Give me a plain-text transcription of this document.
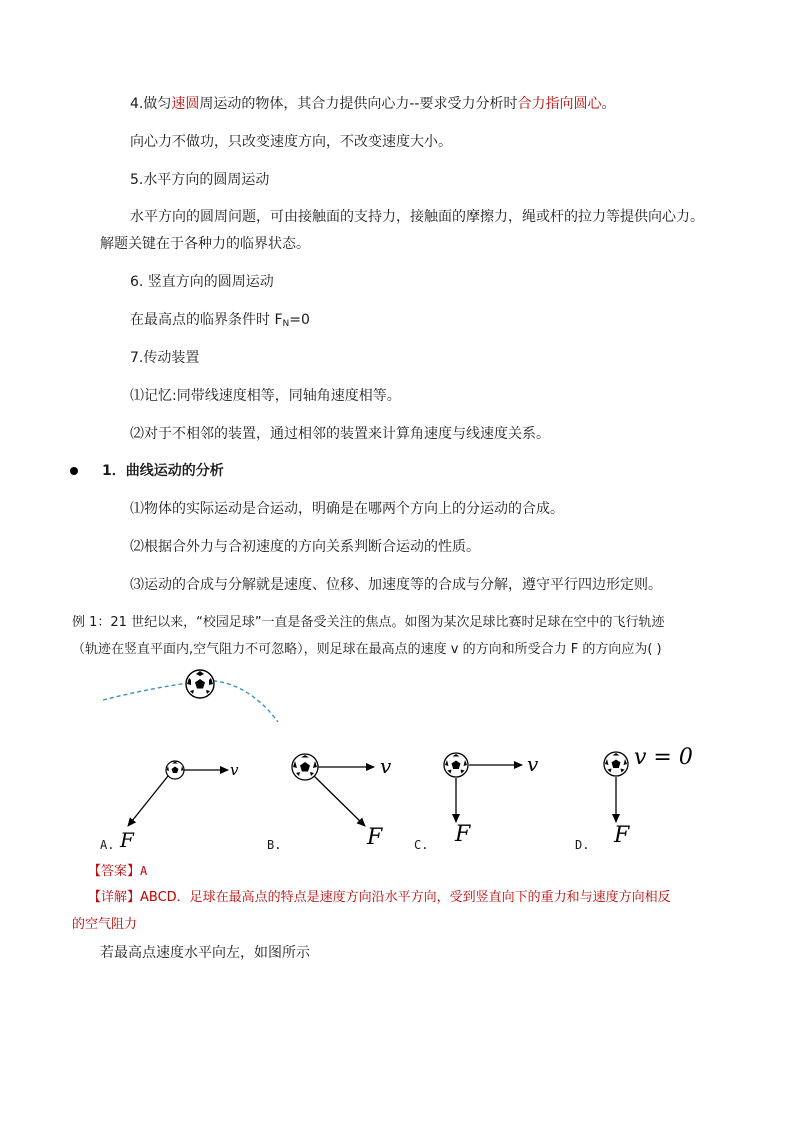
4.做匀速圆周运动的物体，其合力提供向心力--要求受力分析时合力指向圆心。
向心力不做功，只改变速度方向，不改变速度大小。
5.水平方向的圆周运动
水平方向的圆周问题，可由接触面的支持力，接触面的摩擦力，绳或杆的拉力等提供向心力。
解题关键在于各种力的临界状态。
6. 竖直方向的圆周运动
在最高点的临界条件时 $F_N=0$
7.传动装置
⑴记忆:同带线速度相等，同轴角速度相等。
⑵对于不相邻的装置，通过相邻的装置来计算角速度与线速度关系。
1．曲线运动的分析
⑴物体的实际运动是合运动，明确是在哪两个方向上的分运动的合成。
⑵根据合外力与合初速度的方向关系判断合运动的性质。
⑶运动的合成与分解就是速度、位移、加速度等的合成与分解，遵守平行四边形定则。
例 1：21 世纪以来，“校园足球”一直是备受关注的焦点。如图为某次足球比赛时足球在空中的飞行轨迹
（轨迹在竖直平面内,空气阻力不可忽略），则足球在最高点的速度 v 的方向和所受合力 F 的方向应为( )
v
F
v
F
v
F
v = 0
F
A.	B.	C.	D.
【答案】A
【详解】ABCD．足球在最高点的特点是速度方向沿水平方向，受到竖直向下的重力和与速度方向相反
的空气阻力
若最高点速度水平向左，如图所示
